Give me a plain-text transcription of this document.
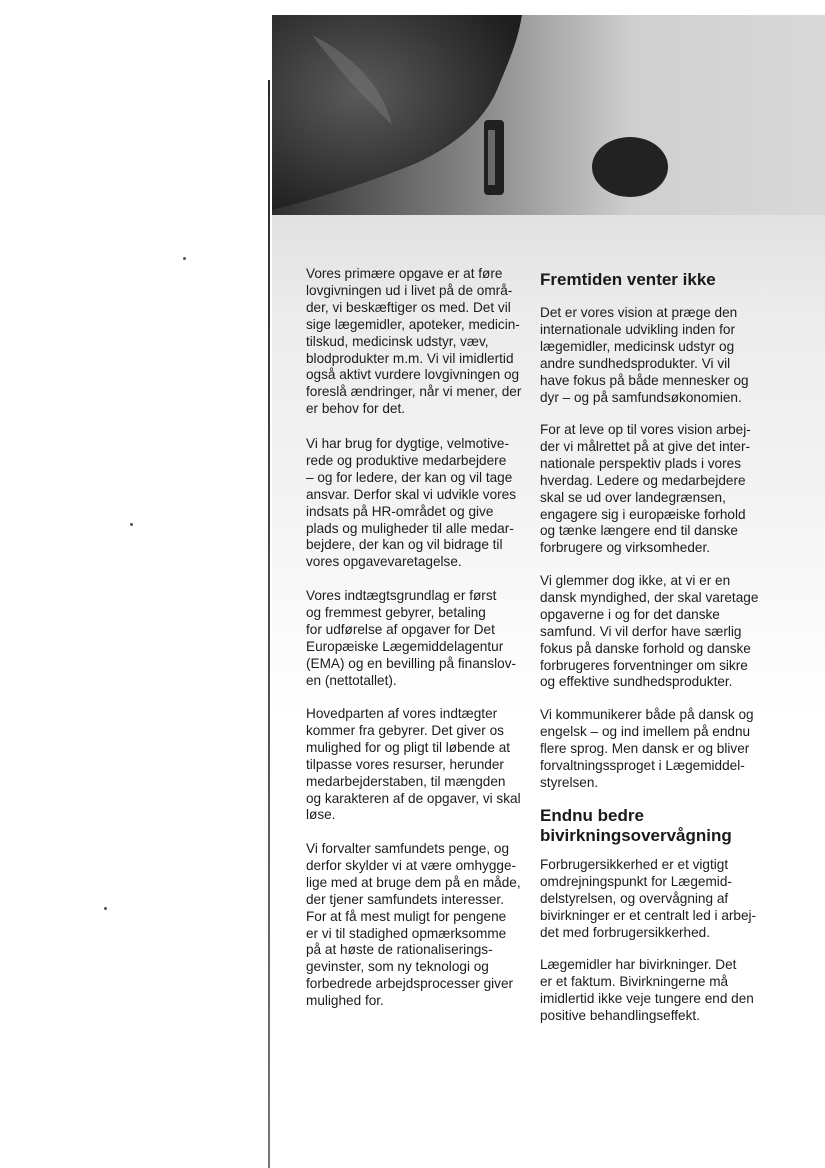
Vores primære opgave er at føre
lovgivningen ud i livet på de områ-
der, vi beskæftiger os med. Det vil
sige lægemidler, apoteker, medicin-
tilskud, medicinsk udstyr, væv,
blodprodukter m.m. Vi vil imidlertid
også aktivt vurdere lovgivningen og
foreslå ændringer, når vi mener, der
er behov for det.

Vi har brug for dygtige, velmotive-
rede og produktive medarbejdere
– og for ledere, der kan og vil tage
ansvar. Derfor skal vi udvikle vores
indsats på HR-området og give
plads og muligheder til alle medar-
bejdere, der kan og vil bidrage til
vores opgavevaretagelse.

Vores indtægtsgrundlag er først
og fremmest gebyrer, betaling
for udførelse af opgaver for Det
Europæiske Lægemiddelagentur
(EMA) og en bevilling på finanslov-
en (nettotallet).

Hovedparten af vores indtægter
kommer fra gebyrer. Det giver os
mulighed for og pligt til løbende at
tilpasse vores resurser, herunder
medarbejderstaben, til mængden
og karakteren af de opgaver, vi skal
løse.

Vi forvalter samfundets penge, og
derfor skylder vi at være omhygge-
lige med at bruge dem på en måde,
der tjener samfundets interesser.
For at få mest muligt for pengene
er vi til stadighed opmærksomme
på at høste de rationaliserings-
gevinster, som ny teknologi og
forbedrede arbejdsprocesser giver
mulighed for.

Fremtiden venter ikke

Det er vores vision at præge den
internationale udvikling inden for
lægemidler, medicinsk udstyr og
andre sundhedsprodukter. Vi vil
have fokus på både mennesker og
dyr – og på samfundsøkonomien.

For at leve op til vores vision arbej-
der vi målrettet på at give det inter-
nationale perspektiv plads i vores
hverdag. Ledere og medarbejdere
skal se ud over landegrænsen,
engagere sig i europæiske forhold
og tænke længere end til danske
forbrugere og virksomheder.

Vi glemmer dog ikke, at vi er en
dansk myndighed, der skal varetage
opgaverne i og for det danske
samfund. Vi vil derfor have særlig
fokus på danske forhold og danske
forbrugeres forventninger om sikre
og effektive sundhedsprodukter.

Vi kommunikerer både på dansk og
engelsk – og ind imellem på endnu
flere sprog. Men dansk er og bliver
forvaltningssproget i Lægemiddel-
styrelsen.

Endnu bedre
bivirkningsovervågning

Forbrugersikkerhed er et vigtigt
omdrejningspunkt for Lægemid-
delstyrelsen, og overvågning af
bivirkninger er et centralt led i arbej-
det med forbrugersikkerhed.

Lægemidler har bivirkninger. Det
er et faktum. Bivirkningerne må
imidlertid ikke veje tungere end den
positive behandlingseffekt.
